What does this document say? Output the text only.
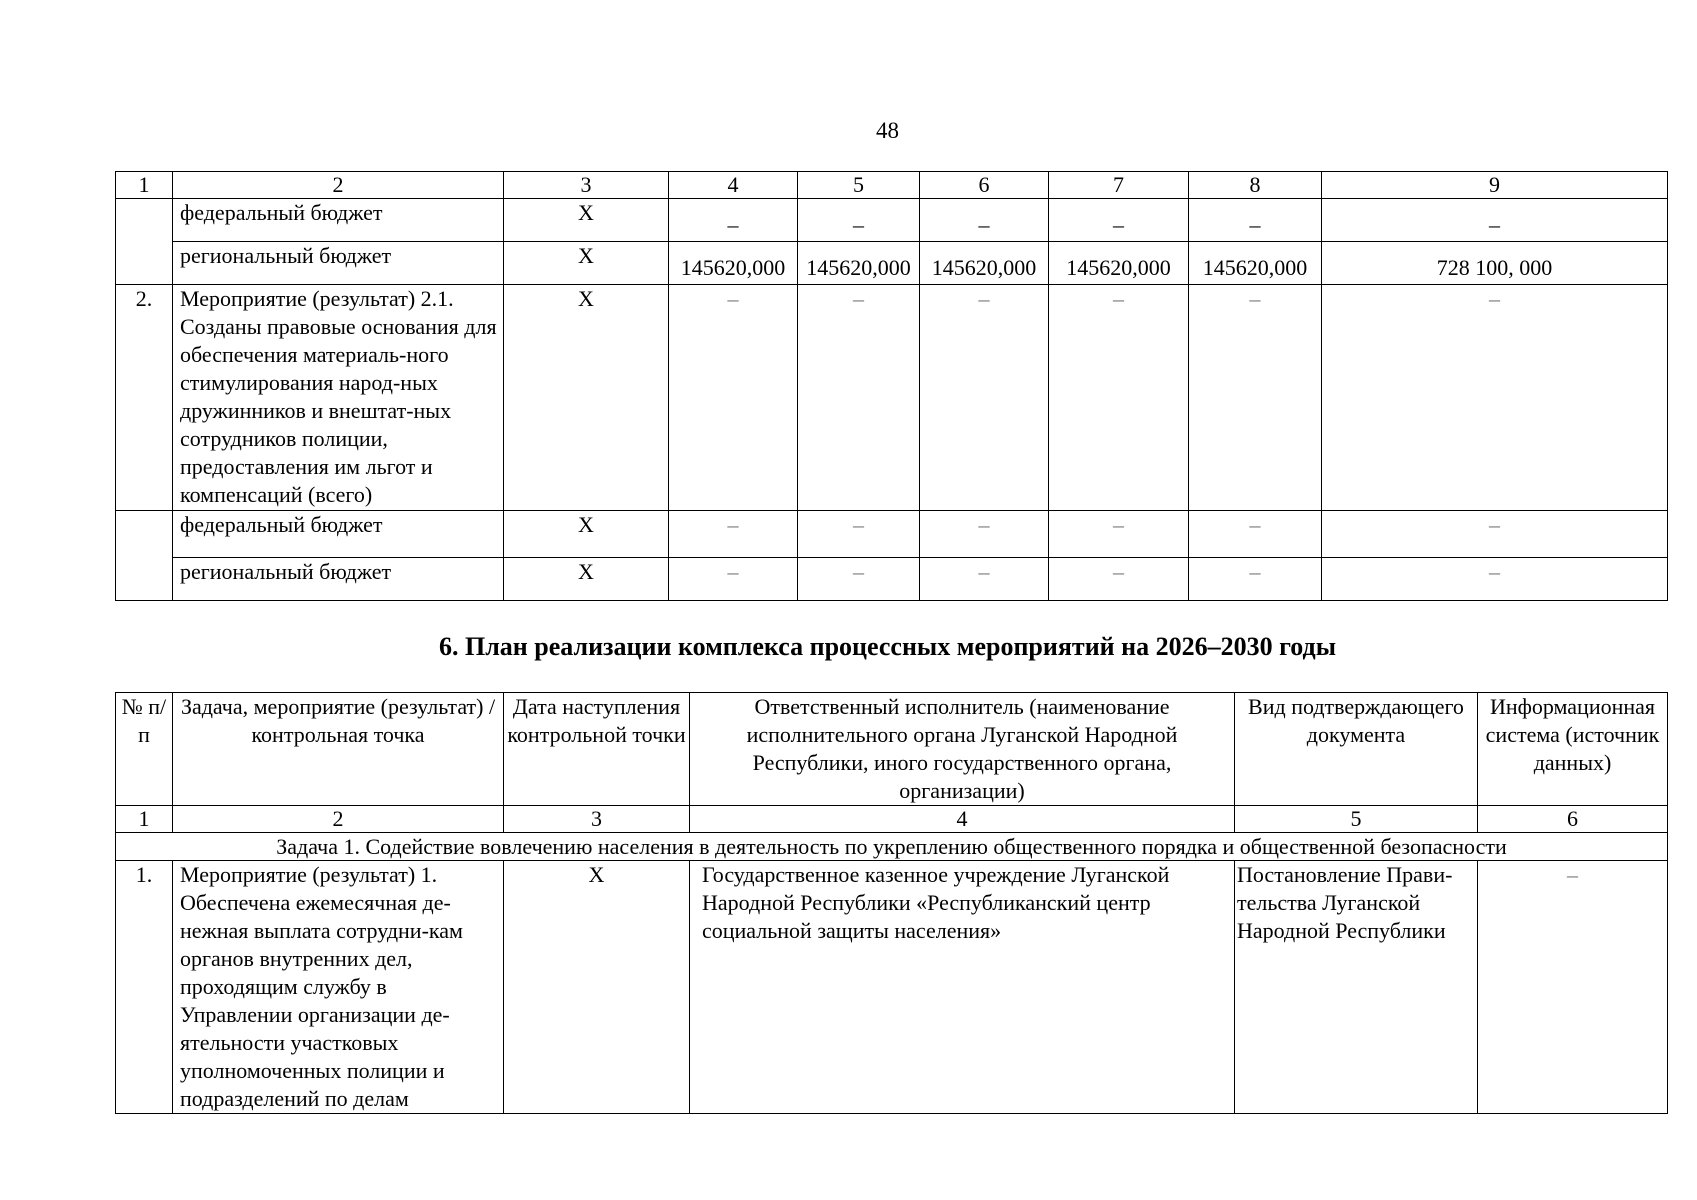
48
1	2	3	4	5	6	7	8	9
	федеральный бюджет	Х	–	–	–	–	–	–
	региональный бюджет	Х	145620,000	145620,000	145620,000	145620,000	145620,000	728 100, 000
2.	Мероприятие (результат) 2.1. Созданы правовые основания для обеспечения материаль-ного стимулирования народ-ных дружинников и внештат-ных сотрудников полиции, предоставления им льгот и компенсаций (всего)	Х	–	–	–	–	–	–
	федеральный бюджет	Х	–	–	–	–	–	–
	региональный бюджет	Х	–	–	–	–	–	–
6. План реализации комплекса процессных мероприятий на 2026–2030 годы
№ п/п	Задача, мероприятие (результат) / контрольная точка	Дата наступления контрольной точки	Ответственный исполнитель (наименование исполнительного органа Луганской Народной Республики, иного государственного органа, организации)	Вид подтверждающего документа	Информационная система (источник данных)
1	2	3	4	5	6
Задача 1. Содействие вовлечению населения в деятельность по укреплению общественного порядка и общественной безопасности					
1.	Мероприятие (результат) 1. Обеспечена ежемесячная де-нежная выплата сотрудни-кам органов внутренних дел, проходящим службу в Управлении организации де-ятельности участковых уполномоченных полиции и подразделений по делам	Х	Государственное казенное учреждение Луганской Народной Республики «Республиканский центр социальной защиты населения»	Постановление Прави-тельства Луганской Народной Республики	–
